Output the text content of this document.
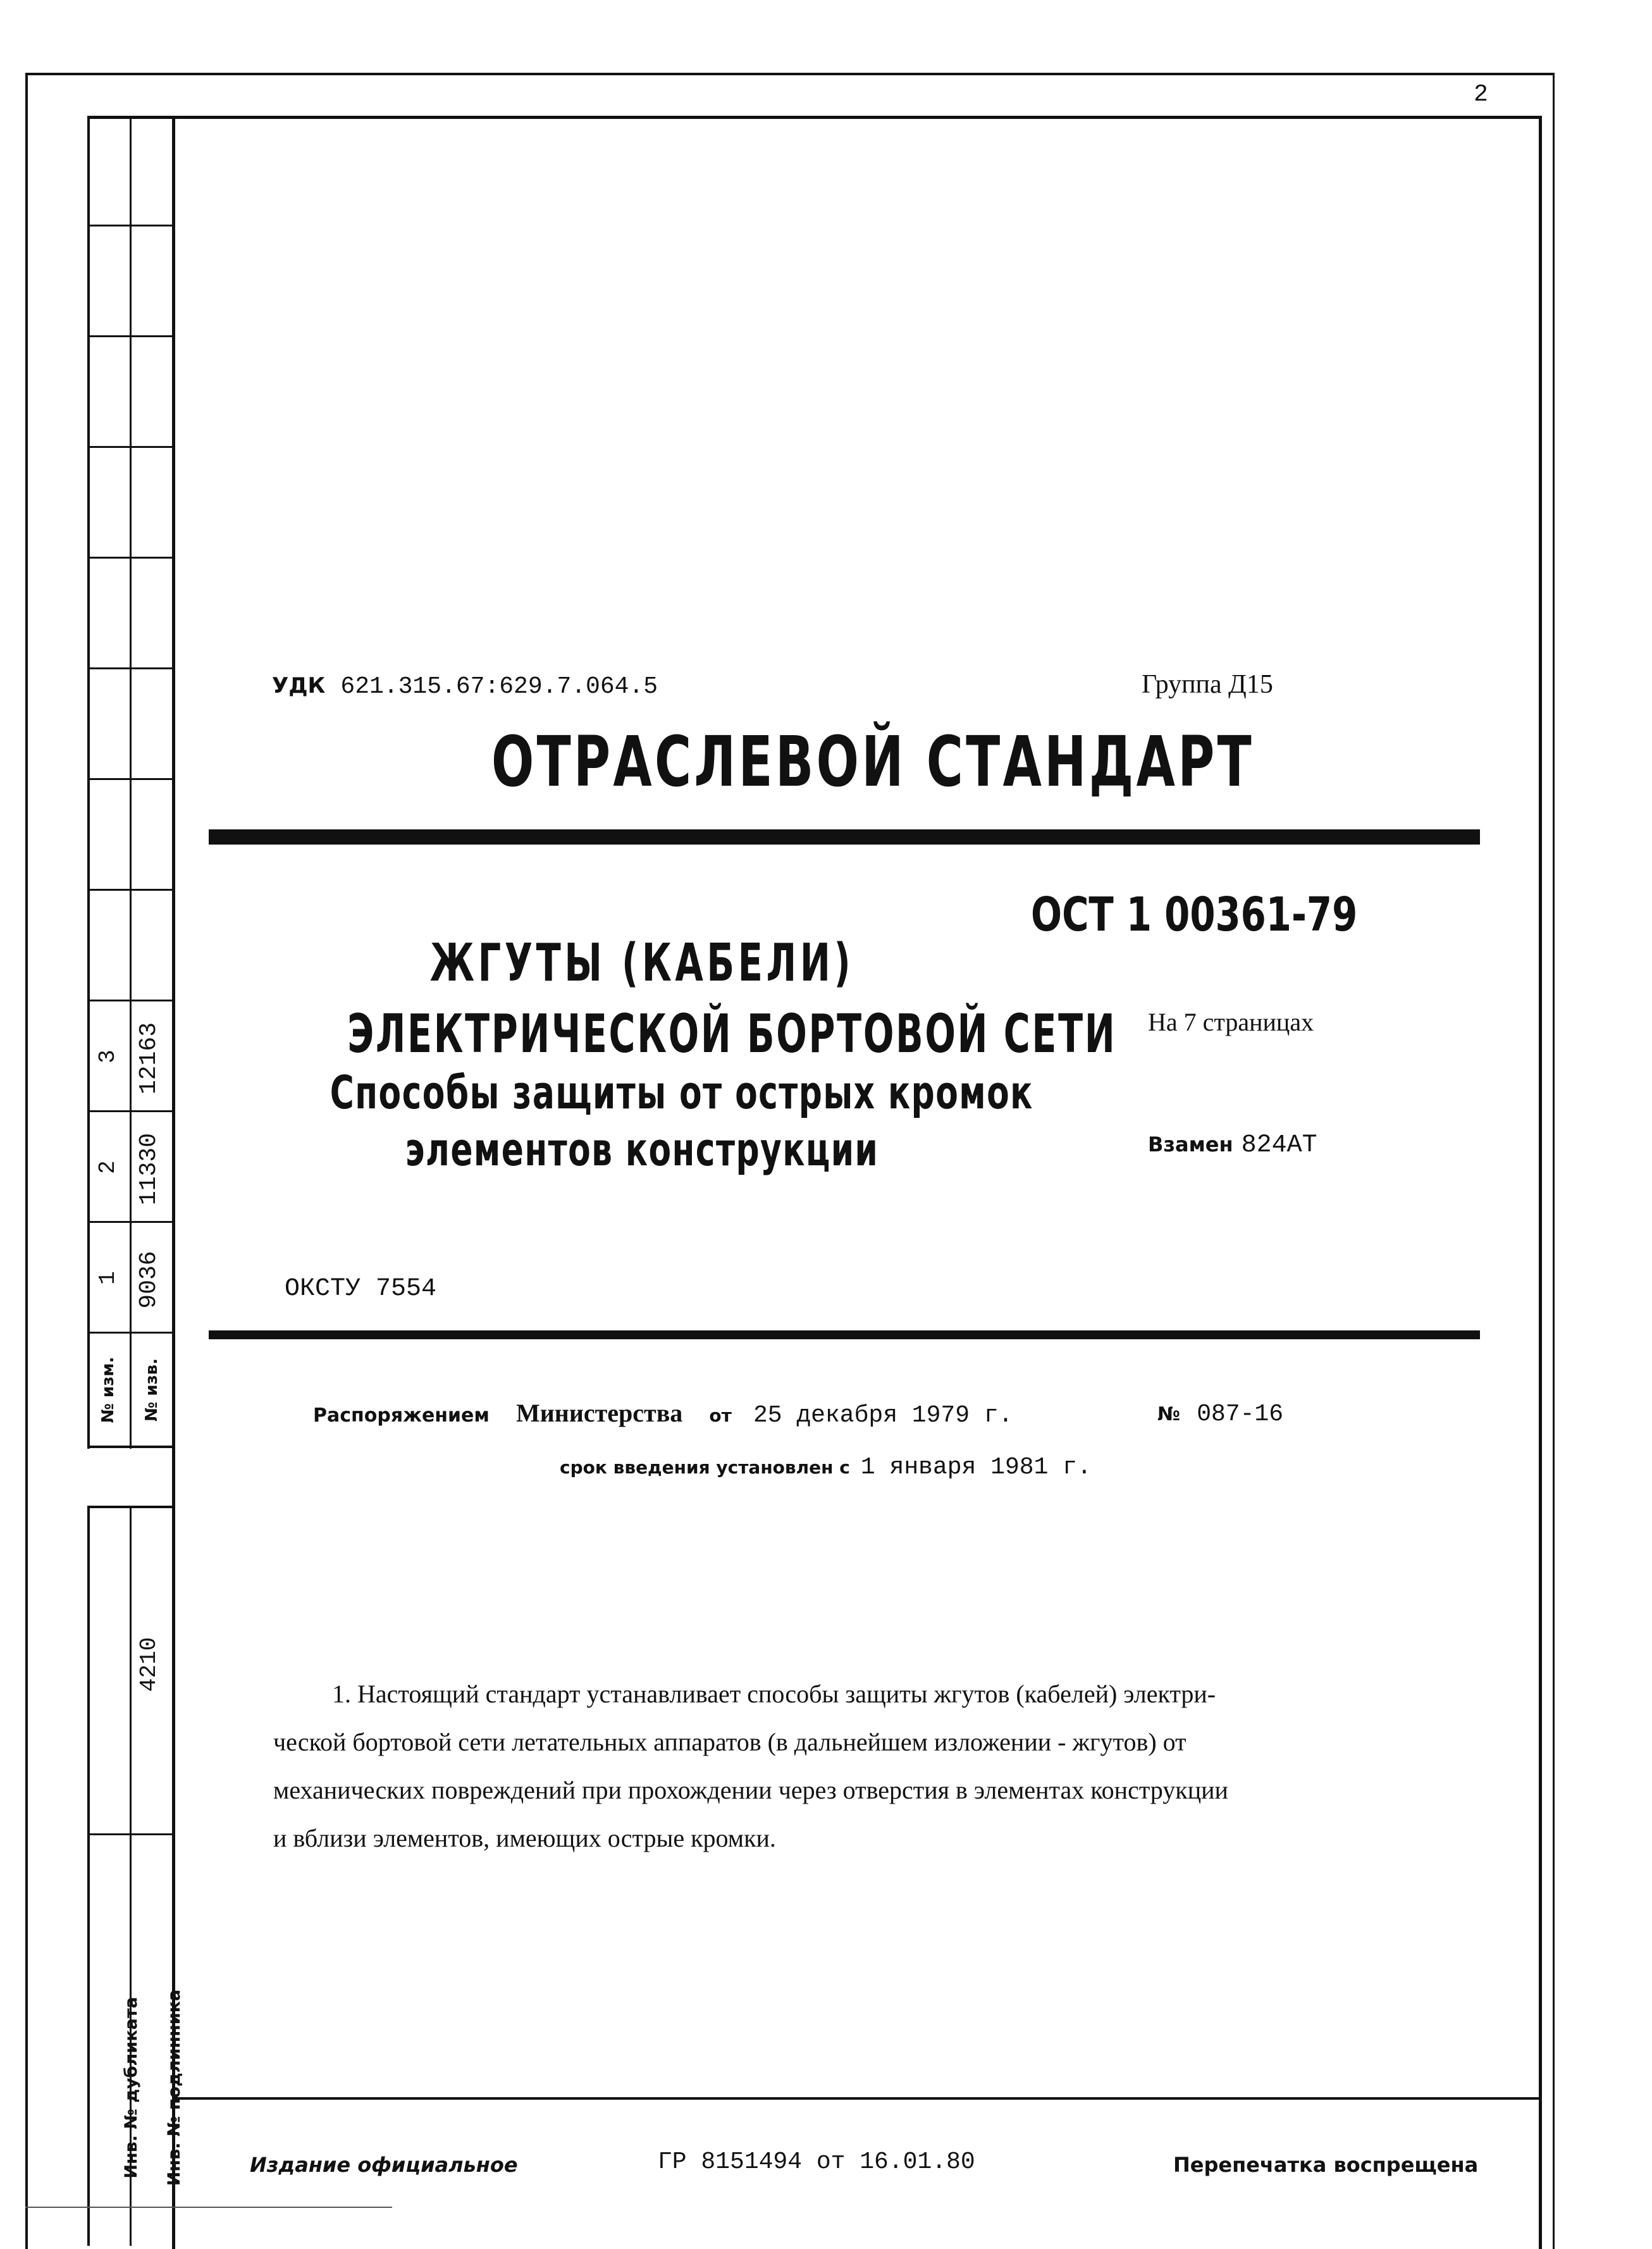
3 12163
2 11330
1 9036
№ изм. № изв.
4210
Инв. № дубликата Инв. № подлинника
2
УДК 621.315.67:629.7.064.5	Группа Д15
ОТРАСЛЕВОЙ СТАНДАРТ
ОСТ 1 00361-79
ЖГУТЫ (КАБЕЛИ)
ЭЛЕКТРИЧЕСКОЙ БОРТОВОЙ СЕТИ
Способы защиты от острых кромок
элементов конструкции
На 7 страницах
Взамен 824АТ
ОКСТУ 7554
Распоряжением Министерства от 25 декабря 1979 г.	№ 087-16
срок введения установлен с 1 января 1981 г.
1. Настоящий стандарт устанавливает способы защиты жгутов (кабелей) электри-
ческой бортовой сети летательных аппаратов (в дальнейшем изложении - жгутов) от
механических повреждений при прохождении через отверстия в элементах конструкции
и вблизи элементов, имеющих острые кромки.
Издание официальное	ГР 8151494 от 16.01.80	Перепечатка воспрещена
